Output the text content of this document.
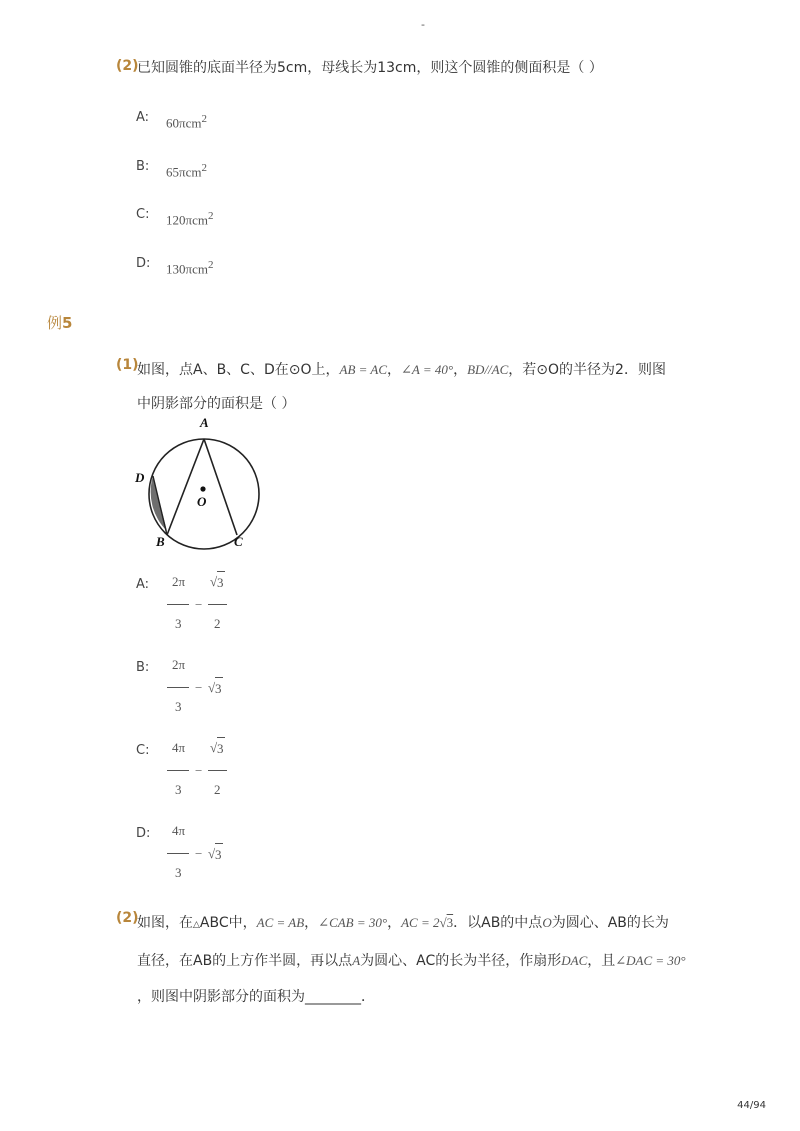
-
(2)
已知圆锥的底面半径为5cm，母线长为13cm，则这个圆锥的侧面积是（ ）
A: 60πcm$^2$
B: 65πcm$^2$
C: 120πcm$^2$
D: 130πcm$^2$
例5
(1)
如图，点A、B、C、D在⊙O上，AB = AC，∠A = 40°，BD//AC，若⊙O的半径为2．则图
中阴影部分的面积是（ ）
A
D
O
B	C
A: 2π
3
−
√ 3
2
B: 2π
3
− √ 3
C: 4π
3
−
√ 3
2
D: 4π
3
− √ 3
(2)
如图，在△ABC中，AC = AB，∠CAB = 30°，AC = 2√3．以AB的中点O为圆心、AB的长为
直径，在AB的上方作半圆，再以点A为圆心、AC的长为半径，作扇形DAC，且∠DAC = 30°
，则图中阴影部分的面积为________．
44/94
